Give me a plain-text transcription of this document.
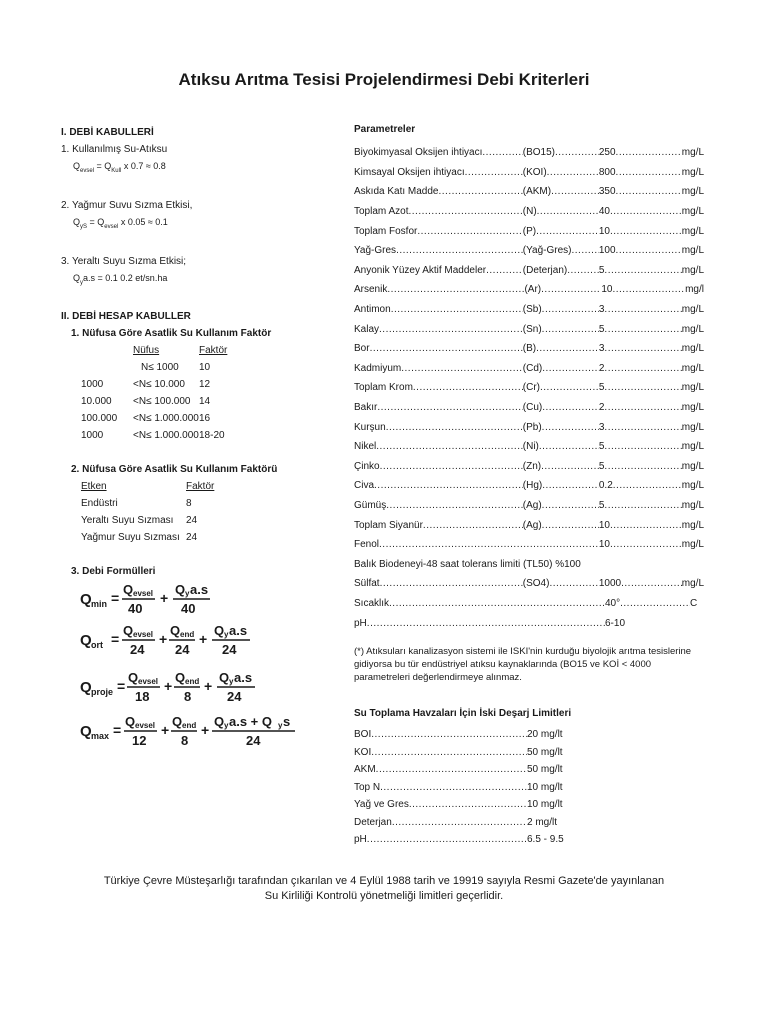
Atıksu Arıtma Tesisi Projelendirmesi Debi Kriterleri
I. DEBİ KABULLERİ
1. Kullanılmış Su-Atıksu
$Q_{evsel} = Q_{Kull}$ x 0.7 ≈ 0.8
2. Yağmur Suvu Sızma Etkisi,
$Q_{yS} = Q_{evsel}$ x 0.05 ≈ 0.1
3. Yeraltı Suyu Sızma Etkisi;
$Q_ya.s = 0.1$ 0.2 et/sn.ha
II. DEBİ HESAP KABULLER
1. Nüfusa Göre Asatlik Su Kullanım Faktör
	Nüfus	Faktör
	N≤ 1000	10
1000	<N≤ 10.000	12
10.000	<N≤ 100.000	14
100.000	<N≤ 1.000.000	16
1000	<N≤ 1.000.000	18-20
2. Nüfusa Göre Asatlik Su Kullanım Faktörü
Etken	Faktör
Endüstri	8
Yeraltı Suyu Sızması	24
Yağmur Suyu Sızması	24
3. Debi Formülleri
Q min =
Q evsel
40
+
Q y a.s
40
Q ort =
Q evsel
24
+
Q end
24
+
Q y a.s
24
Q proje =
Q evsel
18
+
Q end
8
+
Q y a.s
24
Q max =
Q evsel
12
+
Q end
8
+
Q y a.s + Q y s
24
Parametreler
Biyokimyasal Oksijen ihtiyacı .....	(BO15) .....	250 .....	mg/L
Kimsayal Oksijen ihtiyacı .....	(KOİ) .....	800 .....	mg/L
Askıda Katı Madde .....	(AKM) .....	350 .....	mg/L
Toplam Azot .....	(N) .....	40 .....	mg/L
Toplam Fosfor .....	(P) .....	10 .....	mg/L
Yağ-Gres .....	(Yağ-Gres) .....	100 .....	mg/L
Anyonik Yüzey Aktif Maddeler .....	(Deterjan) .....	5 .....	mg/L
Arsenik .....	(Ar) .....	10 .....	mg/l
Antimon .....	(Sb) .....	3 .....	mg/L
Kalay .....	(Sn) .....	5 .....	mg/L
Bor .....	(B) .....	3 .....	mg/L
Kadmiyum .....	(Cd) .....	2 .....	mg/L
Toplam Krom .....	(Cr) .....	5 .....	mg/L
Bakır .....	(Cu) .....	2 .....	mg/L
Kurşun .....	(Pb) .....	3 .....	mg/L
Nikel .....	(Ni) .....	5 .....	mg/L
Çinko .....	(Zn) .....	5 .....	mg/L
Civa .....	(Hg) .....	0.2 .....	mg/L
Gümüş .....	(Ag) .....	5 .....	mg/L
Toplam Siyanür .....	(Ag) .....	10 .....	mg/L
Fenol .....	10 .....	mg/L
Balık Biodeneyi-48 saat tolerans limiti (TL50) %100
Sülfat .....	(SO4) .....	1000 .....	mg/L
Sıcaklık .....	40° .....	C
pH .....	6-10
(*) Atıksuları kanalizasyon sistemi ile ISKI'nin kurduğu biyolojik arıtma tesislerine gidiyorsa bu tür endüstriyel atıksu kaynaklarında (BO15 ve KOİ < 4000 parametreleri değerlendirmeye alınmaz.
Su Toplama Havzaları İçin İski Deşarj Limitleri
BOI .....	20 mg/lt
KOİ .....	50 mg/lt
AKM .....	50 mg/lt
Top N .....	10 mg/lt
Yağ ve Gres .....	10 mg/lt
Deterjan .....	2 mg/lt
pH .....	6.5 - 9.5
Türkiye Çevre Müsteşarlığı tarafından çıkarılan ve 4 Eylül 1988 tarih ve 19919 sayıyla Resmi Gazete'de yayınlanan
Su Kirliliği Kontrolü yönetmeliği limitleri geçerlidir.
